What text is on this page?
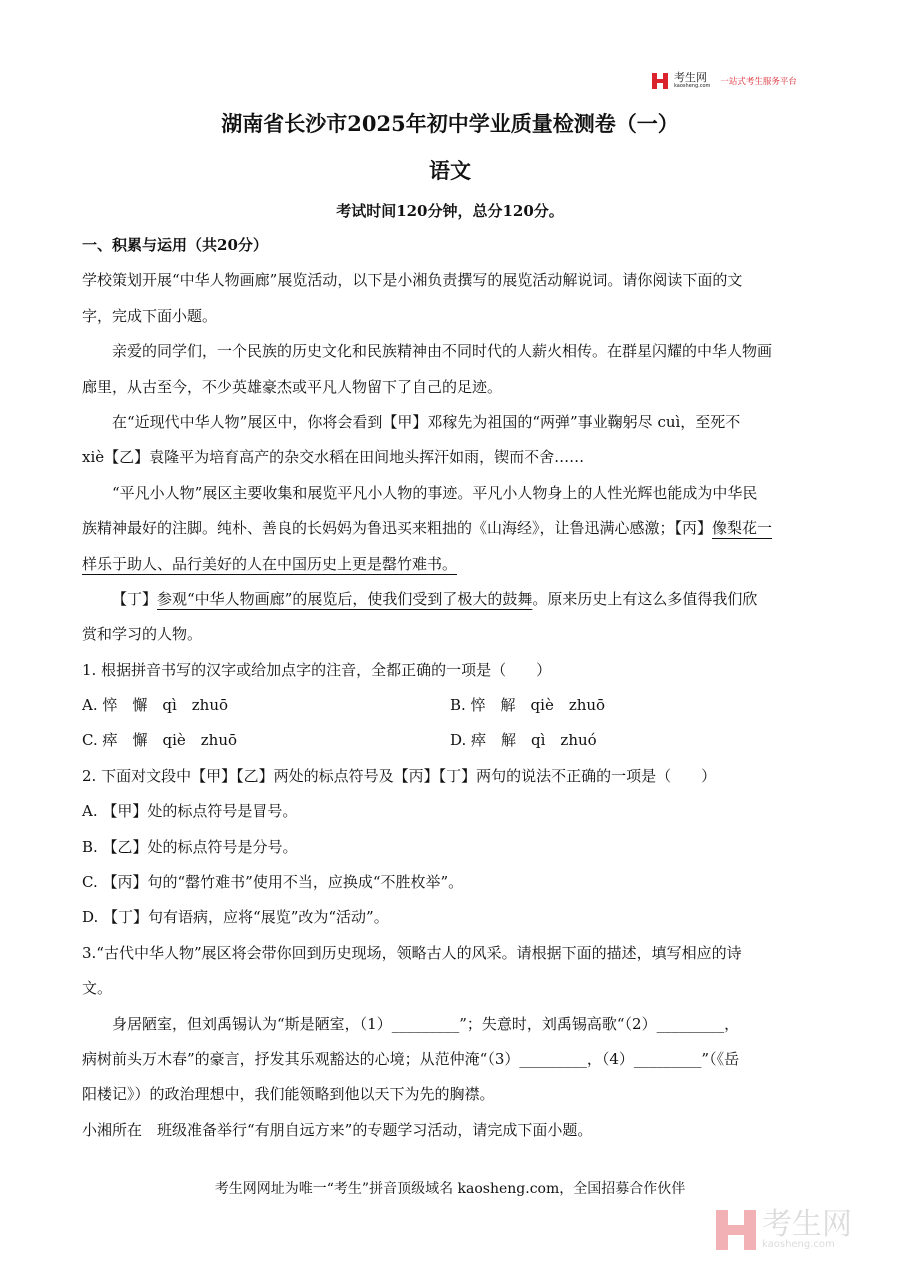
考生网
kaosheng.com 一站式考生服务平台
湖南省长沙市2025年初中学业质量检测卷（一）
语文
考试时间120分钟，总分120分。
一、积累与运用（共20分）
学校策划开展“中华人物画廊”展览活动，以下是小湘负责撰写的展览活动解说词。请你阅读下面的文
字，完成下面小题。
亲爱的同学们，一个民族的历史文化和民族精神由不同时代的人薪火相传。在群星闪耀的中华人物画
廊里，从古至今，不少英雄豪杰或平凡人物留下了自己的足迹。
在“近现代中华人物”展区中，你将会看到【甲】邓稼先为祖国的“两弹”事业鞠躬尽 cuì，至死不
xiè【乙】袁隆平为培育高产的杂交水稻在田间地头挥汗如雨，锲而不舍……
“平凡小人物”展区主要收集和展览平凡小人物的事迹。平凡小人物身上的人性光辉也能成为中华民
族精神最好的注脚。纯朴、善良的长妈妈为鲁迅买来粗拙的《山海经》，让鲁迅满心感激；【丙】像梨花一
样乐于助人、品行美好的人在中国历史上更是罄竹难书。
【丁】参观“中华人物画廊”的展览后，使我们受到了极大的鼓舞。原来历史上有这么多值得我们欣
赏和学习的人物。
1. 根据拼音书写的汉字或给加点字的注音，全都正确的一项是（　　）
A. 悴　懈　qì　zhuō	B. 悴　解　qiè　zhuō
C. 瘁　懈　qiè　zhuō	D. 瘁　解　qì　zhuó
2. 下面对文段中【甲】【乙】两处的标点符号及【丙】【丁】两句的说法不正确的一项是（　　）
A. 【甲】处的标点符号是冒号。
B. 【乙】处的标点符号是分号。
C. 【丙】句的“罄竹难书”使用不当，应换成“不胜枚举”。
D. 【丁】句有语病，应将“展览”改为“活动”。
3.“古代中华人物”展区将会带你回到历史现场，领略古人的风采。请根据下面的描述，填写相应的诗
文。
身居陋室，但刘禹锡认为“斯是陋室，（1）_________”；失意时，刘禹锡高歌“（2）_________，
病树前头万木春”的豪言，抒发其乐观豁达的心境；从范仲淹“（3）_________，（4）_________”（《岳
阳楼记》）的政治理想中，我们能领略到他以天下为先的胸襟。
小湘所在　班级准备举行“有朋自远方来”的专题学习活动，请完成下面小题。
考生网网址为唯一“考生”拼音顶级域名 kaosheng.com，全国招募合作伙伴
考生网
kaosheng.com
